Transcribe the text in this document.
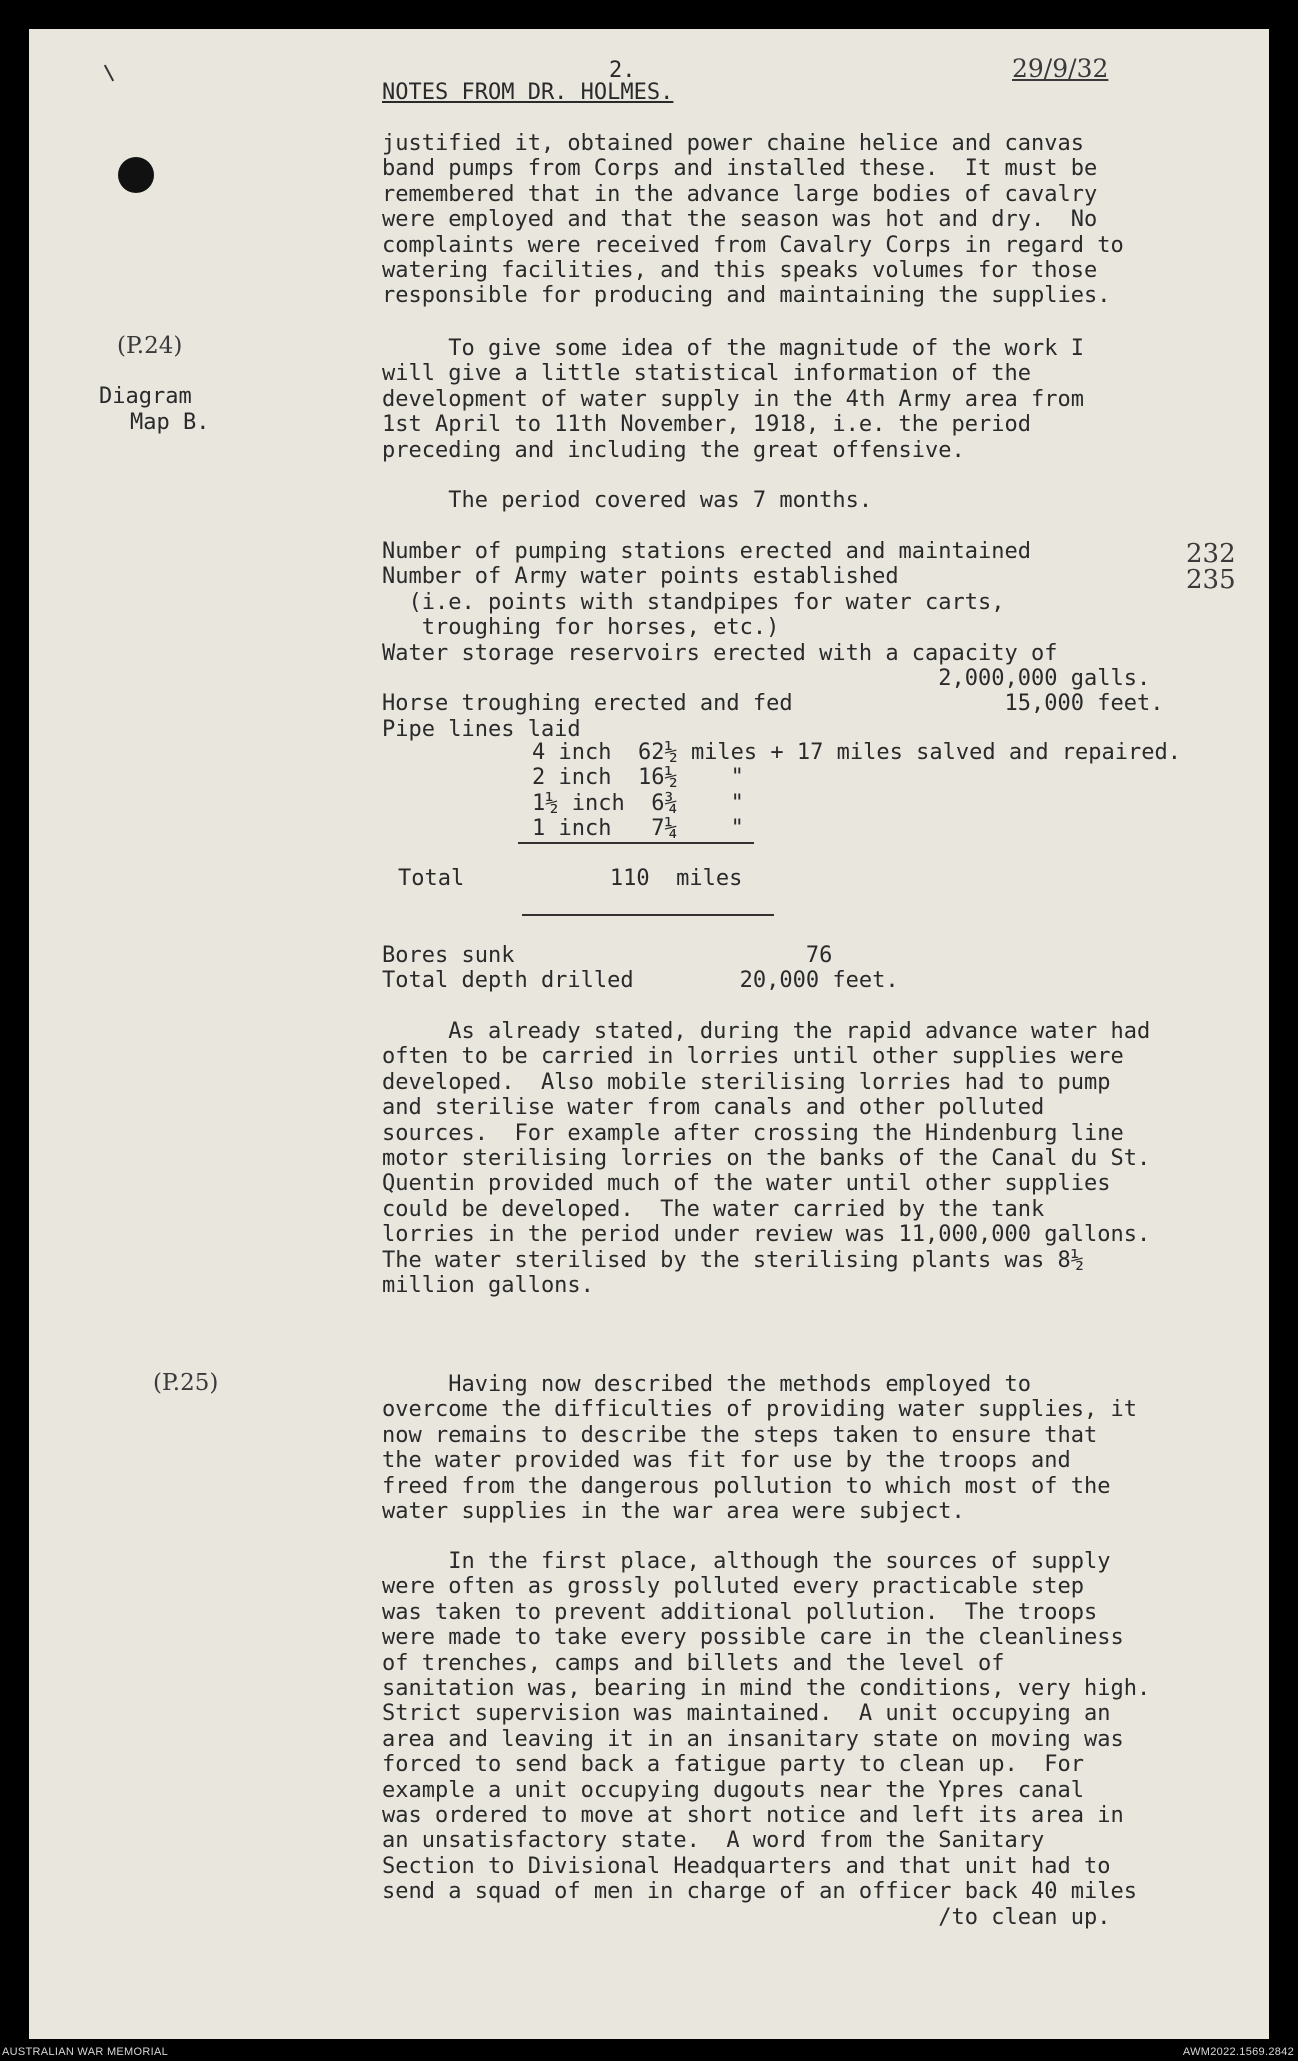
2.
NOTES FROM DR. HOLMES.
29/9/32
(P.24)
Diagram
Map B.
(P.25)
justified it, obtained power chaine helice and canvas
band pumps from Corps and installed these.  It must be
remembered that in the advance large bodies of cavalry
were employed and that the season was hot and dry.  No
complaints were received from Cavalry Corps in regard to
watering facilities, and this speaks volumes for those
responsible for producing and maintaining the supplies.
To give some idea of the magnitude of the work I
will give a little statistical information of the
development of water supply in the 4th Army area from
1st April to 11th November, 1918, i.e. the period
preceding and including the great offensive.
The period covered was 7 months.
Number of pumping stations erected and maintained
Number of Army water points established
(i.e. points with standpipes for water carts,
troughing for horses, etc.)
Water storage reservoirs erected with a capacity of
2,000,000 galls.
Horse troughing erected and fed                15,000 feet.
Pipe lines laid
232
235
4 inch  62½ miles + 17 miles salved and repaired.
2 inch  16½    "
1½ inch  6¾    "
1 inch   7¼    "
Total           110  miles
Bores sunk                      76
Total depth drilled        20,000 feet.
As already stated, during the rapid advance water had
often to be carried in lorries until other supplies were
developed.  Also mobile sterilising lorries had to pump
and sterilise water from canals and other polluted
sources.  For example after crossing the Hindenburg line
motor sterilising lorries on the banks of the Canal du St.
Quentin provided much of the water until other supplies
could be developed.  The water carried by the tank
lorries in the period under review was 11,000,000 gallons.
The water sterilised by the sterilising plants was 8½
million gallons.
Having now described the methods employed to
overcome the difficulties of providing water supplies, it
now remains to describe the steps taken to ensure that
the water provided was fit for use by the troops and
freed from the dangerous pollution to which most of the
water supplies in the war area were subject.
In the first place, although the sources of supply
were often as grossly polluted every practicable step
was taken to prevent additional pollution.  The troops
were made to take every possible care in the cleanliness
of trenches, camps and billets and the level of
sanitation was, bearing in mind the conditions, very high.
Strict supervision was maintained.  A unit occupying an
area and leaving it in an insanitary state on moving was
forced to send back a fatigue party to clean up.  For
example a unit occupying dugouts near the Ypres canal
was ordered to move at short notice and left its area in
an unsatisfactory state.  A word from the Sanitary
Section to Divisional Headquarters and that unit had to
send a squad of men in charge of an officer back 40 miles
/to clean up.
AUSTRALIAN WAR MEMORIAL	AWM2022.1569.2842
